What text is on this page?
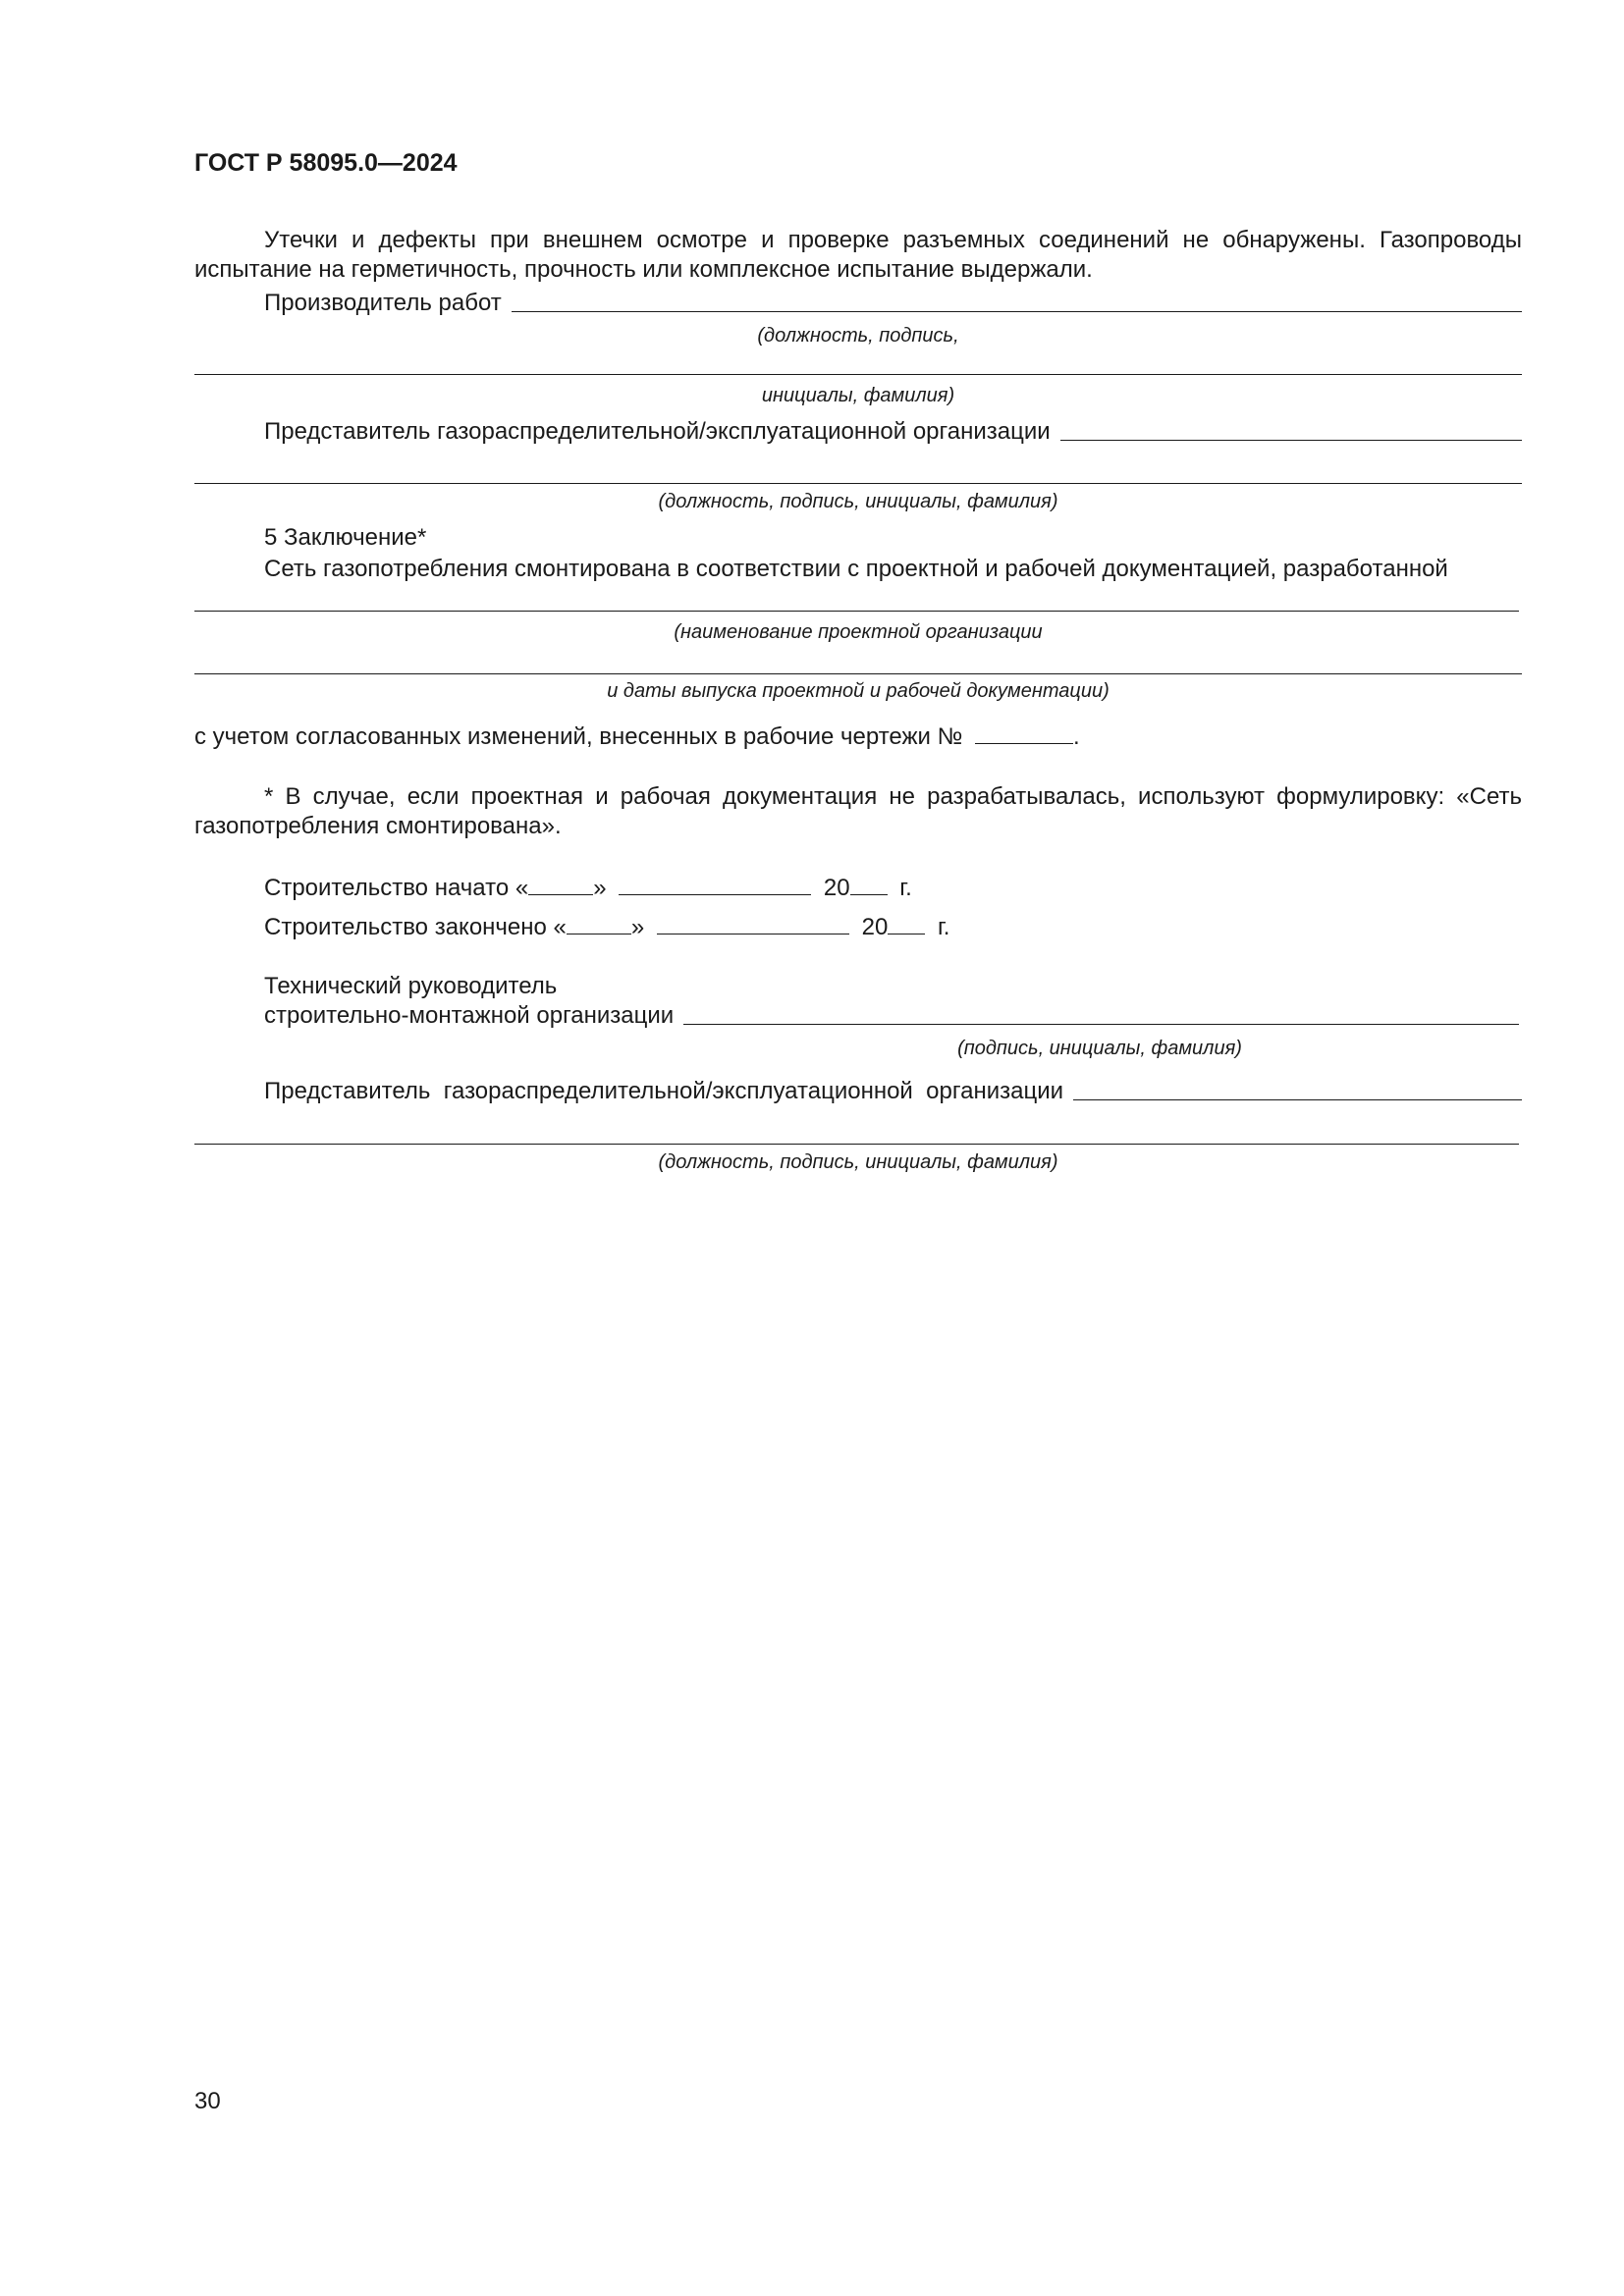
ГОСТ Р 58095.0—2024
Утечки и дефекты при внешнем осмотре и проверке разъемных соединений не обнаружены. Газопроводы испытание на герметичность, прочность или комплексное испытание выдержали.
Производитель работ
(должность, подпись,
инициалы, фамилия)
Представитель газораспределительной/эксплуатационной организации
(должность, подпись, инициалы, фамилия)
5 Заключение*
Сеть газопотребления смонтирована в соответствии с проектной и рабочей документацией, разработанной
(наименование проектной организации
и даты выпуска проектной и рабочей документации)
с учетом согласованных изменений, внесенных в рабочие чертежи №	.
* В случае, если проектная и рабочая документация не разрабатывалась, используют формулировку: «Сеть газопотребления смонтирована».
Строительство начато «	»	20 г.
Строительство закончено «	»	20 г.
Технический руководитель
строительно-монтажной организации
(подпись, инициалы, фамилия)
Представитель  газораспределительной/эксплуатационной  организации
(должность, подпись, инициалы, фамилия)
30
